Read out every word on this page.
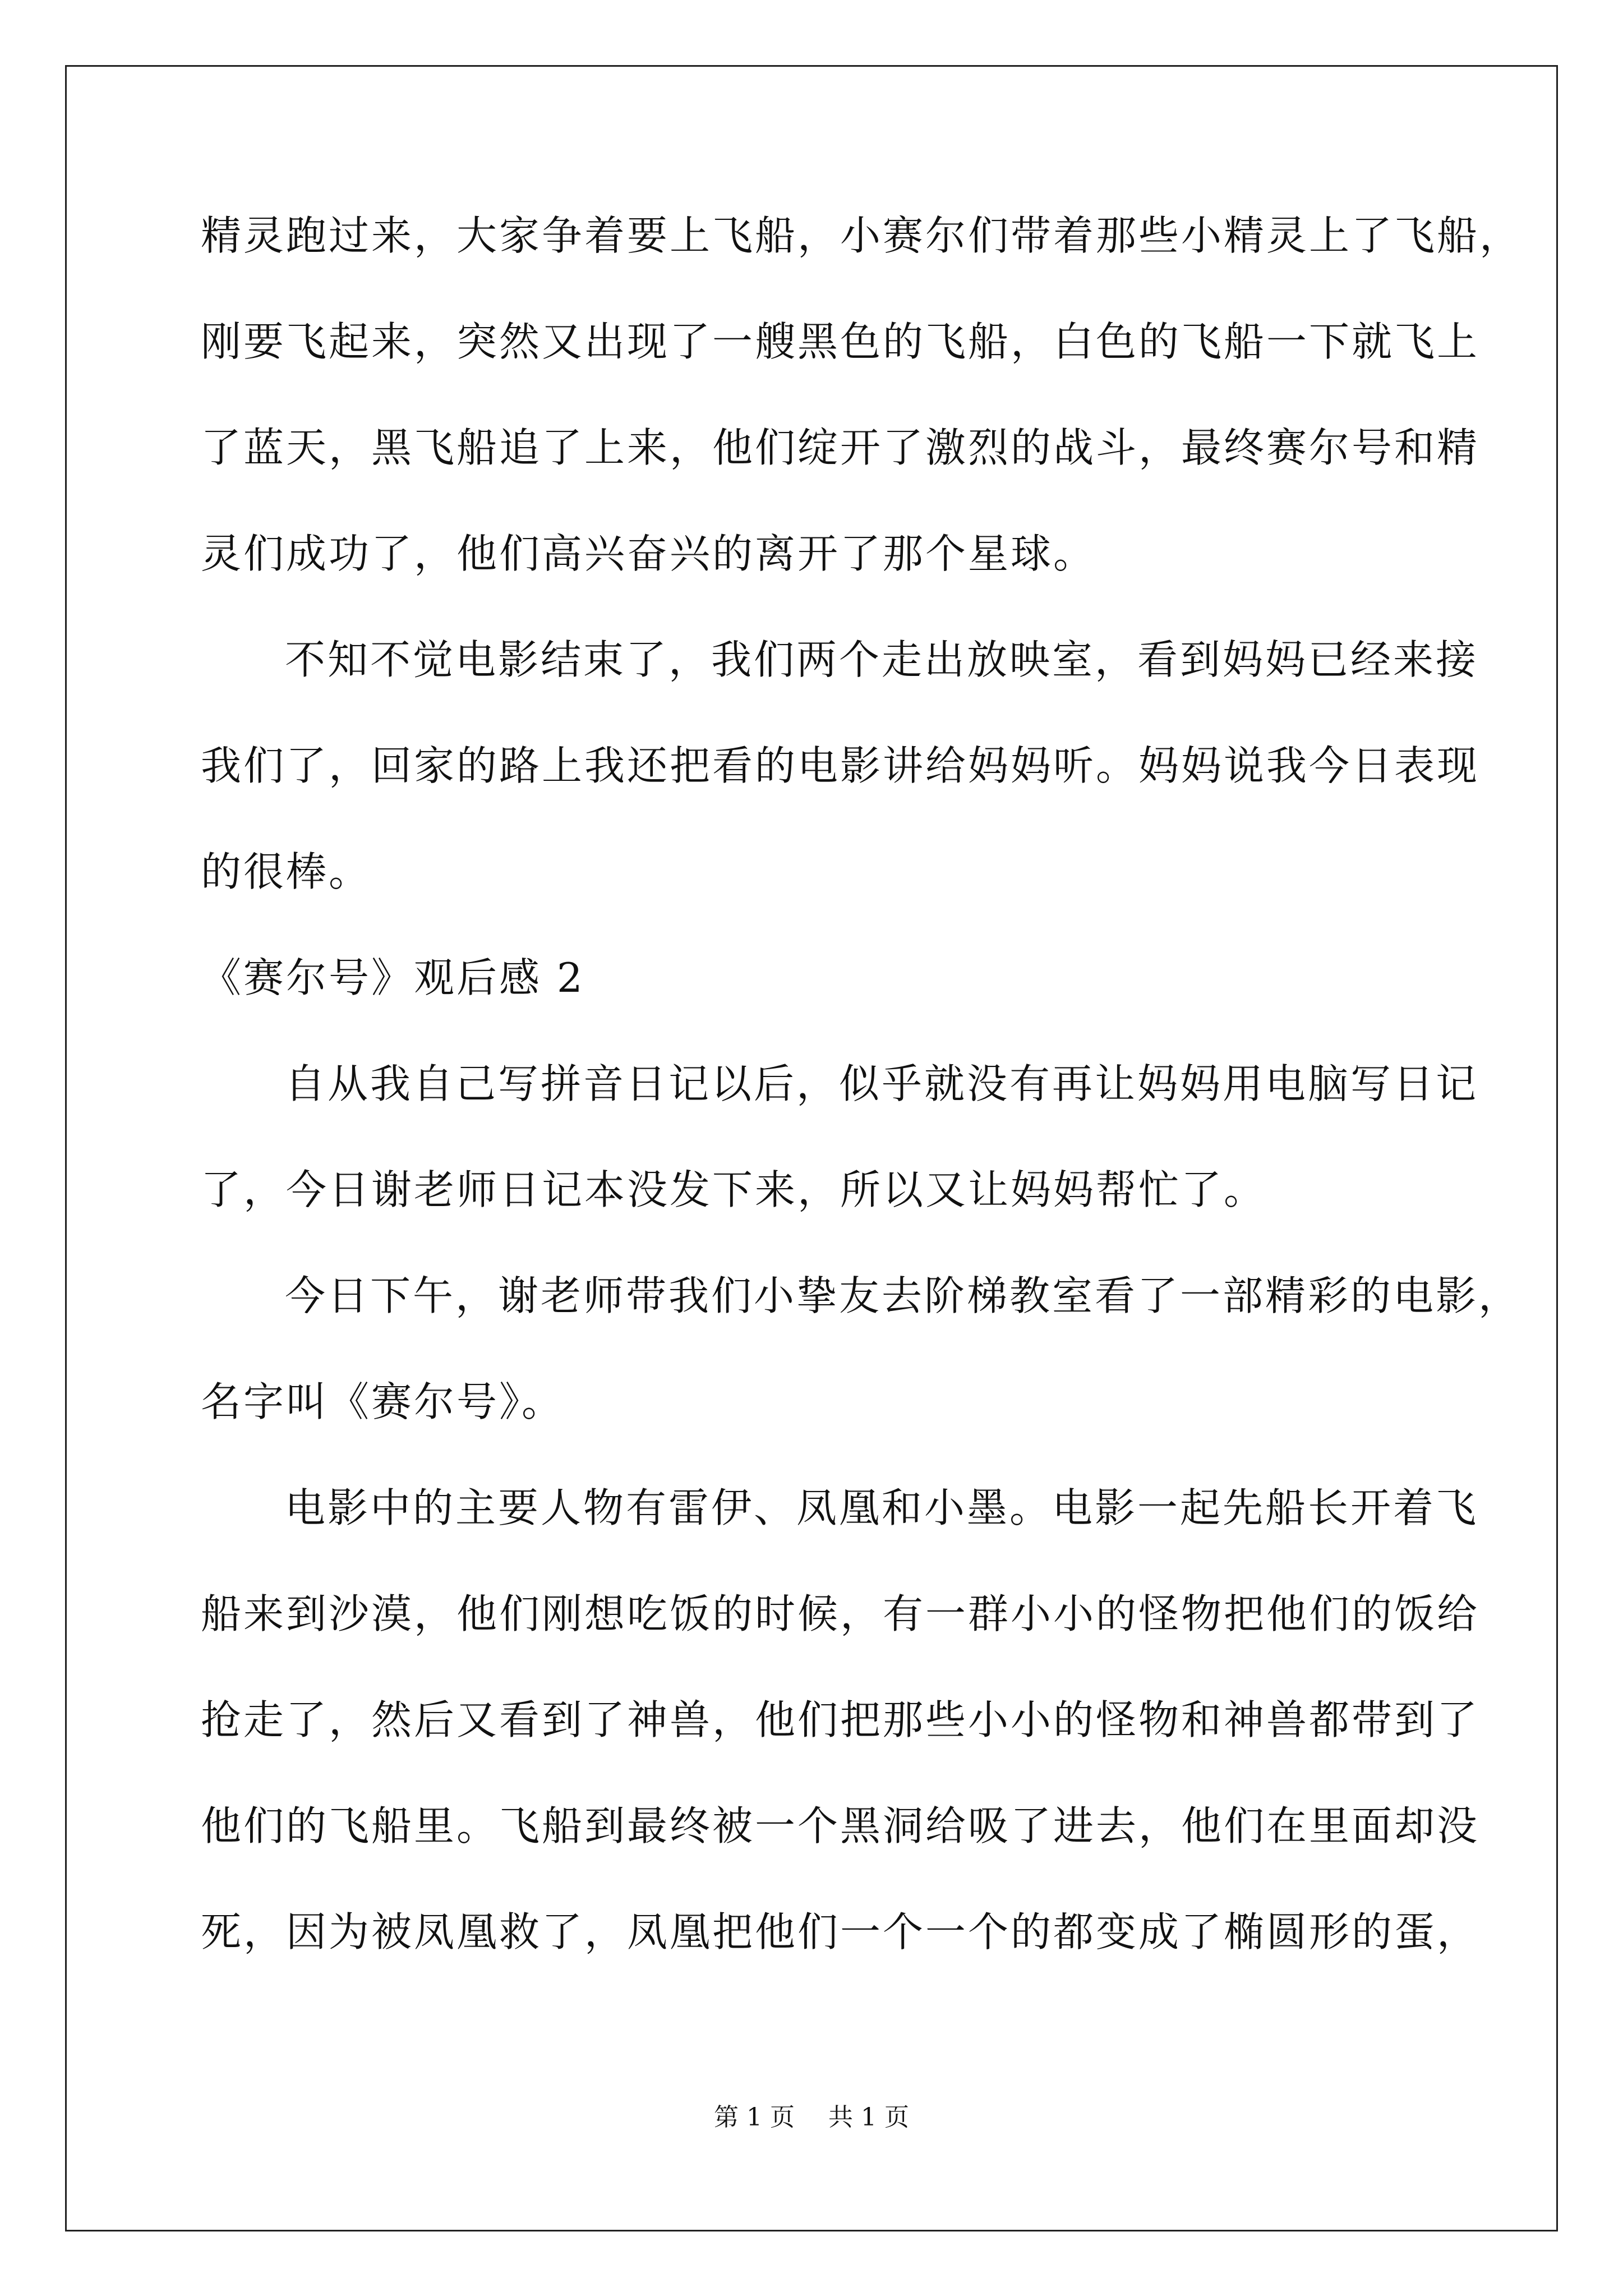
精灵跑过来，大家争着要上飞船，小赛尔们带着那些小精灵上了飞船，
刚要飞起来，突然又出现了一艘黑色的飞船，白色的飞船一下就飞上
了蓝天，黑飞船追了上来，他们绽开了激烈的战斗，最终赛尔号和精
灵们成功了，他们高兴奋兴的离开了那个星球。
不知不觉电影结束了，我们两个走出放映室，看到妈妈已经来接
我们了，回家的路上我还把看的电影讲给妈妈听。妈妈说我今日表现
的很棒。
《赛尔号》观后感 2
自从我自己写拼音日记以后，似乎就没有再让妈妈用电脑写日记
了，今日谢老师日记本没发下来，所以又让妈妈帮忙了。
今日下午，谢老师带我们小挚友去阶梯教室看了一部精彩的电影，
名字叫《赛尔号》。
电影中的主要人物有雷伊、凤凰和小墨。电影一起先船长开着飞
船来到沙漠，他们刚想吃饭的时候，有一群小小的怪物把他们的饭给
抢走了，然后又看到了神兽，他们把那些小小的怪物和神兽都带到了
他们的飞船里。飞船到最终被一个黑洞给吸了进去，他们在里面却没
死，因为被凤凰救了，凤凰把他们一个一个的都变成了椭圆形的蛋，
第 1 页 共 1 页
